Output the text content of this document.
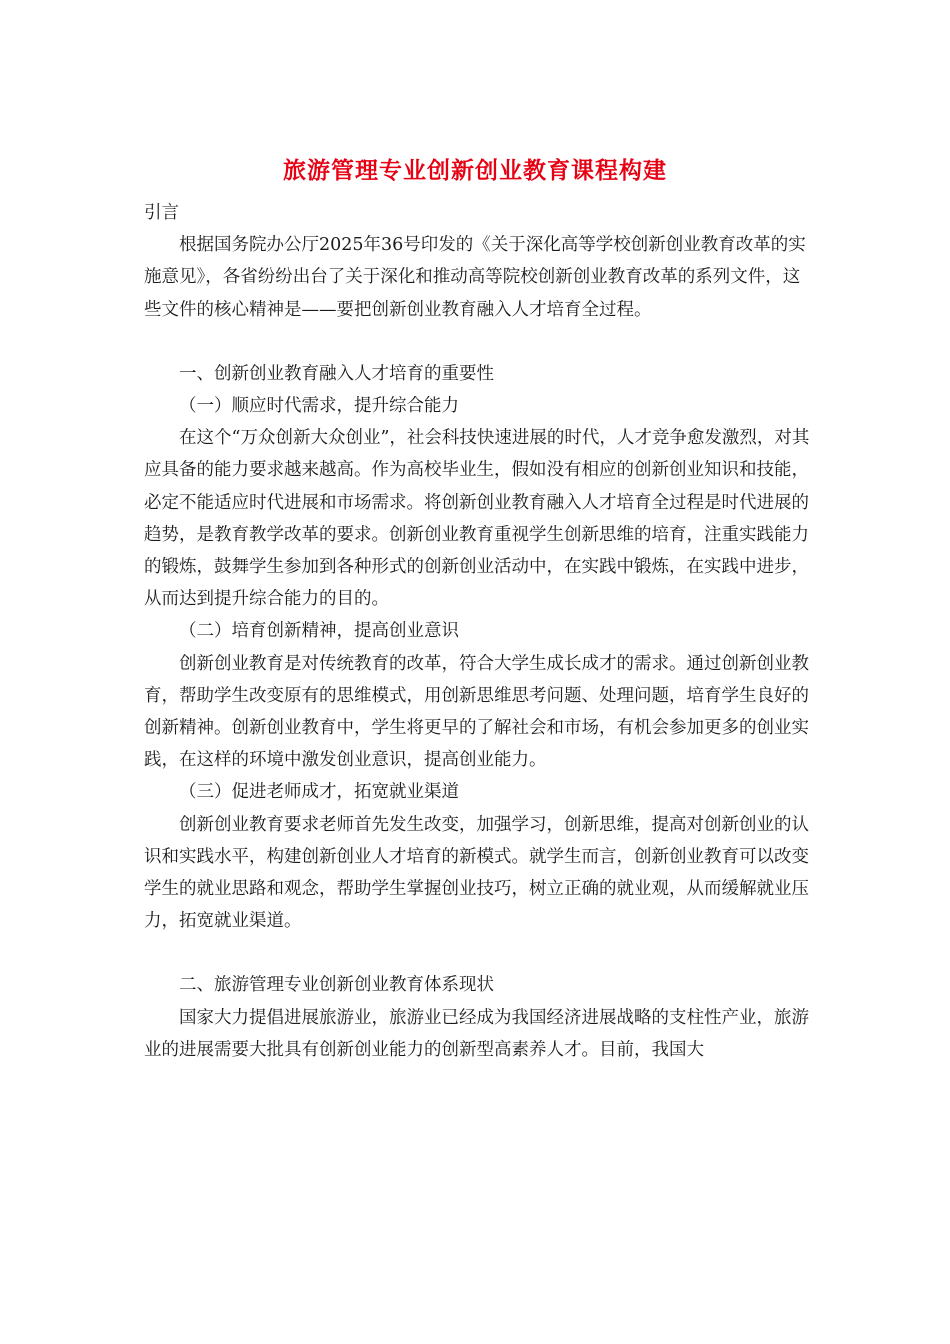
旅游管理专业创新创业教育课程构建

引言

根据国务院办公厅2025年36号印发的《关于深化高等学校创新创业教育改革的实施意见》，各省纷纷出台了关于深化和推动高等院校创新创业教育改革的系列文件，这些文件的核心精神是——要把创新创业教育融入人才培育全过程。

一、创新创业教育融入人才培育的重要性

（一）顺应时代需求，提升综合能力

在这个“万众创新大众创业”，社会科技快速进展的时代，人才竞争愈发激烈，对其应具备的能力要求越来越高。作为高校毕业生，假如没有相应的创新创业知识和技能，必定不能适应时代进展和市场需求。将创新创业教育融入人才培育全过程是时代进展的趋势，是教育教学改革的要求。创新创业教育重视学生创新思维的培育，注重实践能力的锻炼，鼓舞学生参加到各种形式的创新创业活动中，在实践中锻炼，在实践中进步，从而达到提升综合能力的目的。

（二）培育创新精神，提高创业意识

创新创业教育是对传统教育的改革，符合大学生成长成才的需求。通过创新创业教育，帮助学生改变原有的思维模式，用创新思维思考问题、处理问题，培育学生良好的创新精神。创新创业教育中，学生将更早的了解社会和市场，有机会参加更多的创业实践，在这样的环境中激发创业意识，提高创业能力。

（三）促进老师成才，拓宽就业渠道

创新创业教育要求老师首先发生改变，加强学习，创新思维，提高对创新创业的认识和实践水平，构建创新创业人才培育的新模式。就学生而言，创新创业教育可以改变学生的就业思路和观念，帮助学生掌握创业技巧，树立正确的就业观，从而缓解就业压力，拓宽就业渠道。

二、旅游管理专业创新创业教育体系现状

国家大力提倡进展旅游业，旅游业已经成为我国经济进展战略的支柱性产业，旅游业的进展需要大批具有创新创业能力的创新型高素养人才。目前，我国大
